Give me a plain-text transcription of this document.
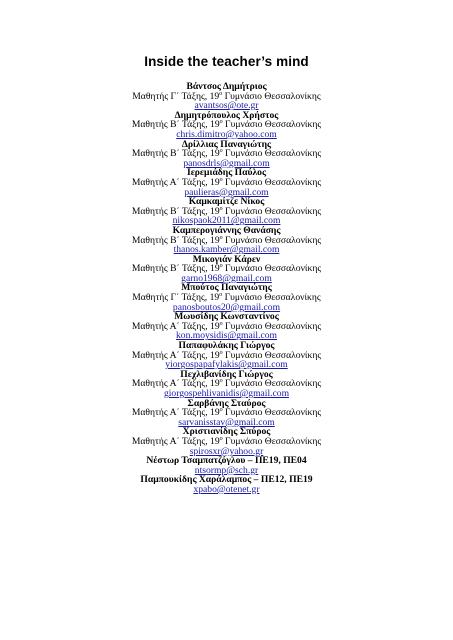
Inside the teacher’s mind
Βάντσος Δημήτριος
Μαθητής Γ΄ Τάξης, $19^o$ Γυμνάσιο Θεσσαλονίκης
avantsos@ote.gr
Δημητρόπουλος Χρήστος
Μαθητής Β΄ Τάξης, $19^o$ Γυμνάσιο Θεσσαλονίκης
chris.dimitro@yahoo.com
Δρίλλιας Παναγιώτης
Μαθητής Β΄ Τάξης, $19^o$ Γυμνάσιο Θεσσαλονίκης
panosdrls@gmail.com
Ιερεμιάδης Παύλος
Μαθητής Α΄ Τάξης, $19^o$ Γυμνάσιο Θεσσαλονίκης
paulieras@gmail.com
Καμκαμίτζε Νίκος
Μαθητής Β΄ Τάξης, $19^o$ Γυμνάσιο Θεσσαλονίκης
nikospaok2011@gmail.com
Καμπερογιάννης Θανάσης
Μαθητής Β΄ Τάξης, $19^o$ Γυμνάσιο Θεσσαλονίκης
thanos.kamber@gmail.com
Μικογιάν Κάρεν
Μαθητής Β΄ Τάξης, $19^o$ Γυμνάσιο Θεσσαλονίκης
garno1968@gmail.com
Μπούτος Παναγιώτης
Μαθητής Γ΄ Τάξης, $19^o$ Γυμνάσιο Θεσσαλονίκης
panosboutos20@gmail.com
Μωυσίδης Κωνσταντίνος
Μαθητής Α΄ Τάξης, $19^o$ Γυμνάσιο Θεσσαλονίκης
kon.moysidis@gmail.com
Παπαφυλάκης Γιώργος
Μαθητής Α΄ Τάξης, $19^o$ Γυμνάσιο Θεσσαλονίκης
yiorgospapafylakis@gmail.com
Πεχλιβανίδης Γιώργος
Μαθητής Α΄ Τάξης, $19^o$ Γυμνάσιο Θεσσαλονίκης
giorgospehlivanidis@gmail.com
Σαρβάνης Σταύρος
Μαθητής Α΄ Τάξης, $19^o$ Γυμνάσιο Θεσσαλονίκης
sarvanisstav@gmail.com
Χριστιανίδης Σπύρος
Μαθητής Α΄ Τάξης, $19^o$ Γυμνάσιο Θεσσαλονίκης
spirosxr@yahoo.gr
Νέστωρ Τσαμπατζόγλου – ΠΕ19, ΠΕ04
ntsormp@sch.gr
Παμπουκίδης Χαράλαμπος – ΠΕ12, ΠΕ19
xpabo@otenet.gr
